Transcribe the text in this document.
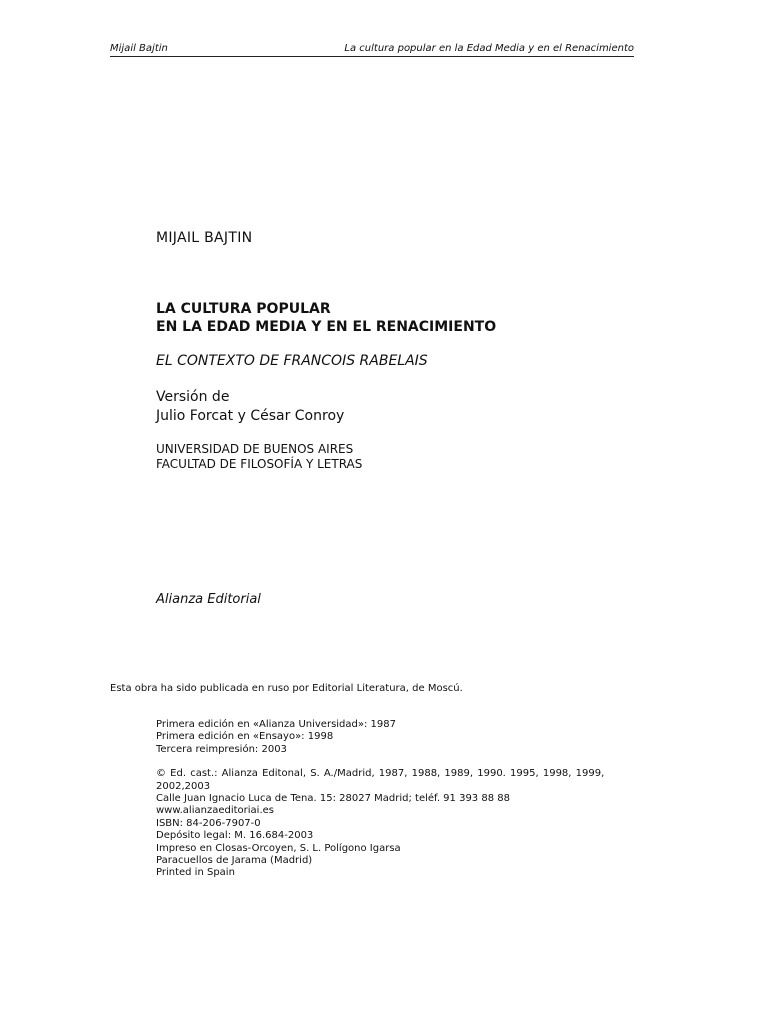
Mijail Bajtin	La cultura popular en la Edad Media y en el Renacimiento
MIJAIL BAJTIN
LA CULTURA POPULAR
EN LA EDAD MEDIA Y EN EL RENACIMIENTO
EL CONTEXTO DE FRANCOIS RABELAIS
Versión de
Julio Forcat y César Conroy
UNIVERSIDAD DE BUENOS AIRES
FACULTAD DE FILOSOFÍA Y LETRAS
Alianza Editorial
Esta obra ha sido publicada en ruso por Editorial Literatura, de Moscú.
Primera edición en «Alianza Universidad»: 1987
Primera edición en «Ensayo»: 1998
Tercera reimpresión: 2003
© Ed. cast.: Alianza Editonal, S. A./Madrid, 1987, 1988, 1989, 1990. 1995, 1998, 1999,
2002,2003
Calle Juan Ignacio Luca de Tena. 15: 28027 Madrid; teléf. 91 393 88 88
www.alianzaeditoriai.es
ISBN: 84-206-7907-0
Depósito legal: M. 16.684-2003
Impreso en Closas-Orcoyen, S. L. Polígono Igarsa
Paracuellos de Jarama (Madrid)
Printed in Spain
